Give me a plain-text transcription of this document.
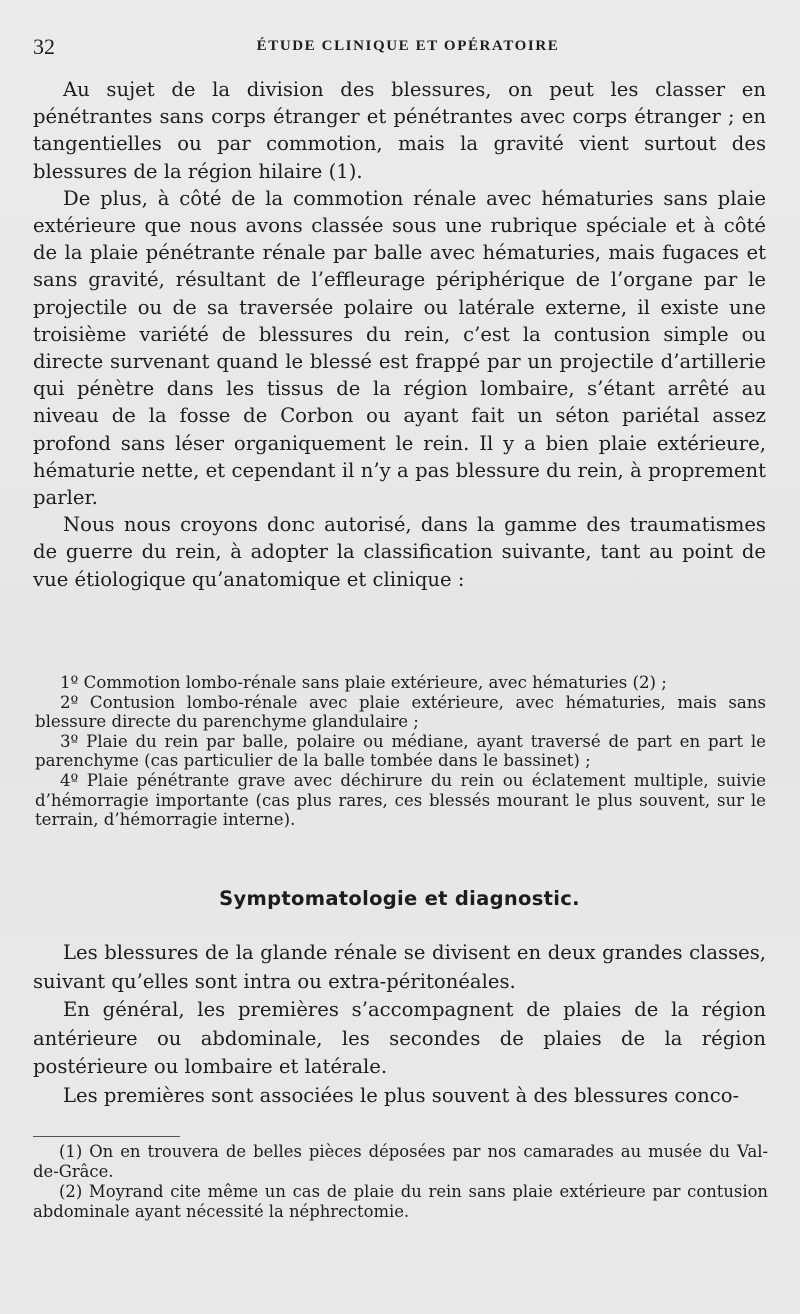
32	ÉTUDE CLINIQUE ET OPÉRATOIRE

Au sujet de la division des blessures, on peut les classer en pénétrantes sans corps étranger et pénétrantes avec corps étranger ; en tangentielles ou par commotion, mais la gravité vient surtout des blessures de la région hilaire (1).

De plus, à côté de la commotion rénale avec hématuries sans plaie extérieure que nous avons classée sous une rubrique spéciale et à côté de la plaie pénétrante rénale par balle avec hématuries, mais fugaces et sans gravité, résultant de l’effleurage périphérique de l’organe par le projectile ou de sa traversée polaire ou latérale externe, il existe une troisième variété de blessures du rein, c’est la contusion simple ou directe survenant quand le blessé est frappé par un projectile d’artillerie qui pénètre dans les tissus de la région lombaire, s’étant arrêté au niveau de la fosse de Corbon ou ayant fait un séton pariétal assez profond sans léser organiquement le rein. Il y a bien plaie extérieure, hématurie nette, et cependant il n’y a pas blessure du rein, à proprement parler.

Nous nous croyons donc autorisé, dans la gamme des traumatismes de guerre du rein, à adopter la classification suivante, tant au point de vue étiologique qu’anatomique et clinique :

1º Commotion lombo-rénale sans plaie extérieure, avec hématuries (2) ;

2º Contusion lombo-rénale avec plaie extérieure, avec hématuries, mais sans blessure directe du parenchyme glandulaire ;

3º Plaie du rein par balle, polaire ou médiane, ayant traversé de part en part le parenchyme (cas particulier de la balle tombée dans le bassinet) ;

4º Plaie pénétrante grave avec déchirure du rein ou éclatement multiple, suivie d’hémorragie importante (cas plus rares, ces blessés mourant le plus souvent, sur le terrain, d’hémorragie interne).

Symptomatologie et diagnostic.

Les blessures de la glande rénale se divisent en deux grandes classes, suivant qu’elles sont intra ou extra-péritonéales.

En général, les premières s’accompagnent de plaies de la région antérieure ou abdominale, les secondes de plaies de la région postérieure ou lombaire et latérale.

Les premières sont associées le plus souvent à des blessures conco-

(1) On en trouvera de belles pièces déposées par nos camarades au musée du Val-de-Grâce.

(2) Moyrand cite même un cas de plaie du rein sans plaie extérieure par contusion abdominale ayant nécessité la néphrectomie.
